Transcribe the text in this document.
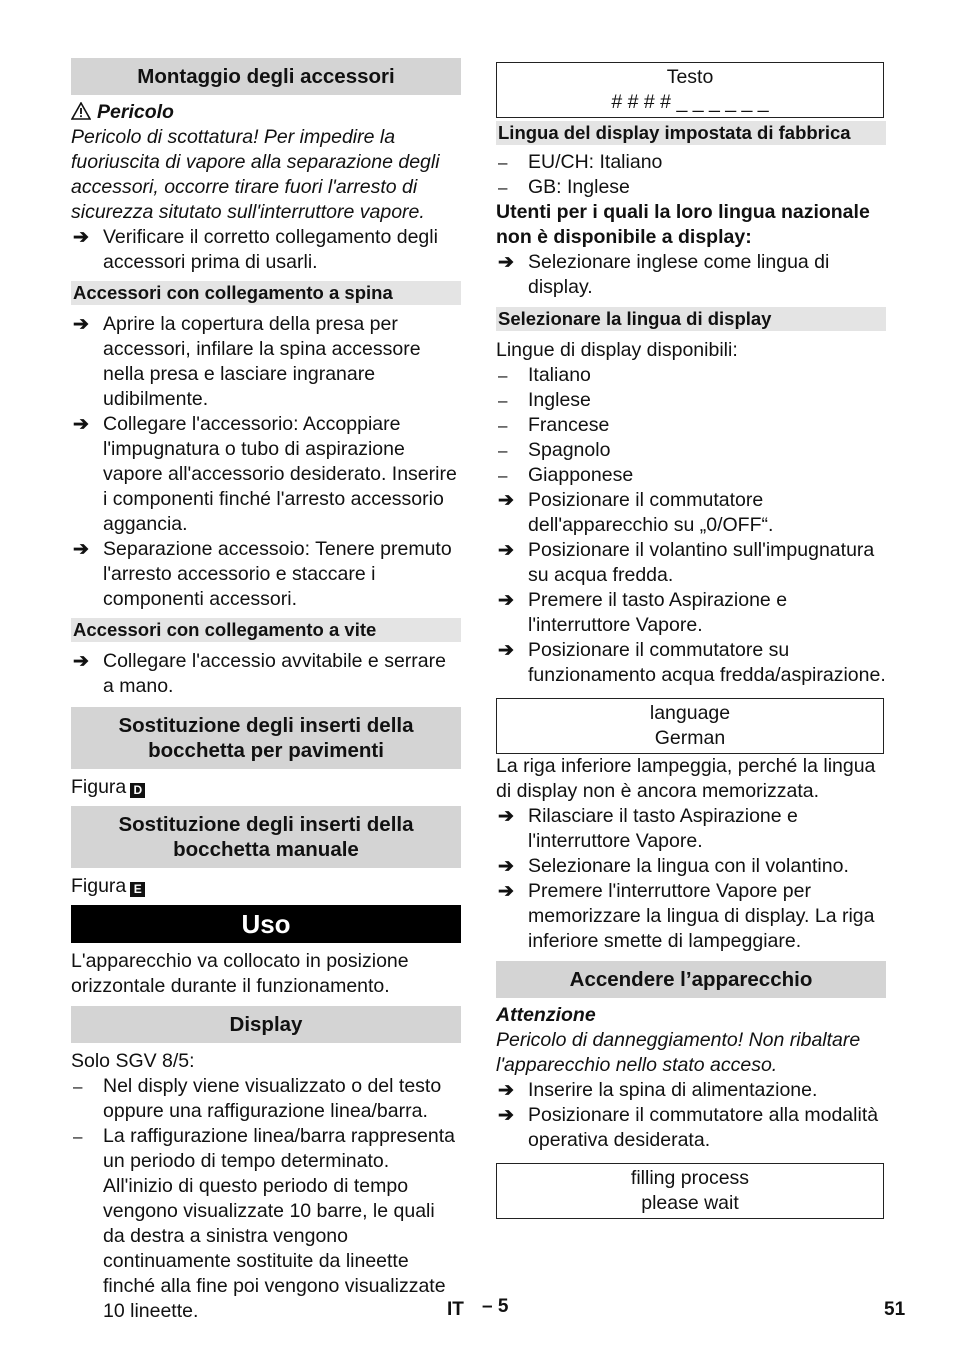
Montaggio degli accessori

Pericolo

Pericolo di scottatura! Per impedire la fuoriuscita di vapore alla separazione degli accessori, occorre tirare fuori l'arresto di sicurezza situtato sull'interruttore vapore.

➔ Verificare il corretto collegamento degli accessori prima di usarli.
Accessori con collegamento a spina
➔ Aprire la copertura della presa per accessori, infilare la spina accessore nella presa e lasciare ingranare udibilmente.
➔ Collegare l'accessorio: Accoppiare l'impugnatura o tubo di aspirazione vapore all'accessorio desiderato. Inserire i componenti finché l'arresto accessorio aggancia.
➔ Separazione accessoio: Tenere premuto l'arresto accessorio e staccare i componenti accessori.
Accessori con collegamento a vite
➔ Collegare l'accessio avvitabile e serrare a mano.
Sostituzione degli inserti della bocchetta per pavimenti

Figura D

Sostituzione degli inserti della bocchetta manuale

Figura E

Uso

L'apparecchio va collocato in posizione orizzontale durante il funzionamento.

Display

Solo SGV 8/5:

–	Nel disply viene visualizzato o del testo oppure una raffigurazione linea/barra.
–	La raffigurazione linea/barra rappresenta un periodo di tempo determinato. All'inizio di questo periodo di tempo vengono visualizzate 10 barre, le quali da destra a sinistra vengono continuamente sostituite da lineette finché alla fine poi vengono visualizzate 10 lineette.
Testo
# # # # _ _ _ _ _ _
Lingua del display impostata di fabbrica
–	EU/CH: Italiano
–	GB: Inglese

Utenti per i quali la loro lingua nazionale non è disponibile a display:

➔ Selezionare inglese come lingua di display.
Selezionare la lingua di display

Lingue di display disponibili:

–	Italiano
–	Inglese
–	Francese
–	Spagnolo
–	Giapponese
➔ Posizionare il commutatore dell'apparecchio su „0/OFF“.
➔ Posizionare il volantino sull'impugnatura su acqua fredda.
➔ Premere il tasto Aspirazione e l'interruttore Vapore.
➔ Posizionare il commutatore su funzionamento acqua fredda/aspirazione.
language
German

La riga inferiore lampeggia, perché la lingua di display non è ancora memorizzata.

➔ Rilasciare il tasto Aspirazione e l'interruttore Vapore.
➔ Selezionare la lingua con il volantino.
➔ Premere l'interruttore Vapore per memorizzare la lingua di display. La riga inferiore smette di lampeggiare.
Accendere l’apparecchio

Attenzione

Pericolo di danneggiamento! Non ribaltare l'apparecchio nello stato acceso.

➔ Inserire la spina di alimentazione.
➔ Posizionare il commutatore alla modalità operativa desiderata.
filling process
please wait
IT – 5	51
